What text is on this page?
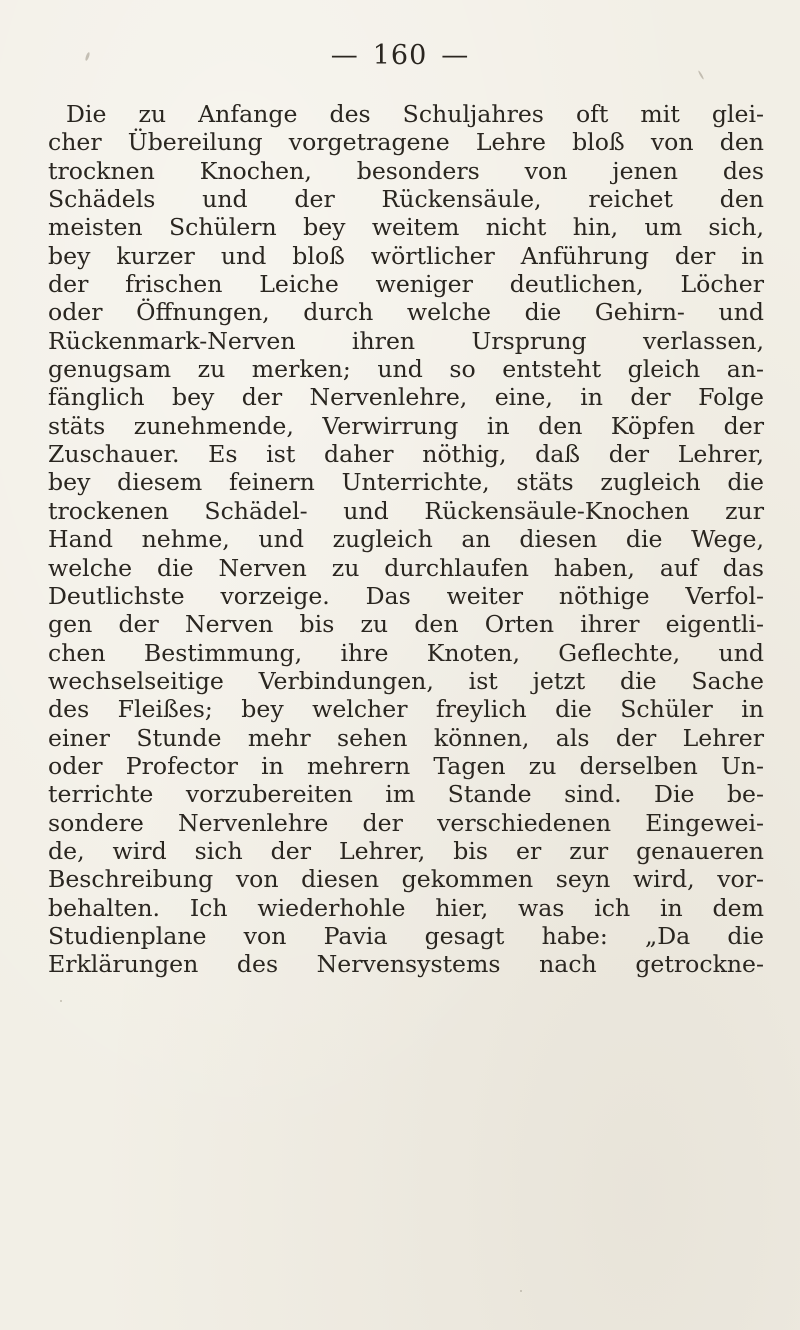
— 160 —
Die zu Anfange des Schuljahres oft mit glei-
cher Übereilung vorgetragene Lehre bloß von den
trocknen Knochen, besonders von jenen des
Schädels und der Rückensäule, reichet den
meisten Schülern bey weitem nicht hin, um sich,
bey kurzer und bloß wörtlicher Anführung der in
der frischen Leiche weniger deutlichen, Löcher
oder Öffnungen, durch welche die Gehirn- und
Rückenmark-Nerven ihren Ursprung verlassen,
genugsam zu merken; und so entsteht gleich an-
fänglich bey der Nervenlehre, eine, in der Folge
stäts zunehmende, Verwirrung in den Köpfen der
Zuschauer. Es ist daher nöthig, daß der Lehrer,
bey diesem feinern Unterrichte, stäts zugleich die
trockenen Schädel- und Rückensäule-Knochen zur
Hand nehme, und zugleich an diesen die Wege,
welche die Nerven zu durchlaufen haben, auf das
Deutlichste vorzeige. Das weiter nöthige Verfol-
gen der Nerven bis zu den Orten ihrer eigentli-
chen Bestimmung, ihre Knoten, Geflechte, und
wechselseitige Verbindungen, ist jetzt die Sache
des Fleißes; bey welcher freylich die Schüler in
einer Stunde mehr sehen können, als der Lehrer
oder Profector in mehrern Tagen zu derselben Un-
terrichte vorzubereiten im Stande sind. Die be-
sondere Nervenlehre der verschiedenen Eingewei-
de, wird sich der Lehrer, bis er zur genaueren
Beschreibung von diesen gekommen seyn wird, vor-
behalten. Ich wiederhohle hier, was ich in dem
Studienplane von Pavia gesagt habe: „Da die
Erklärungen des Nervensystems nach getrockne-
